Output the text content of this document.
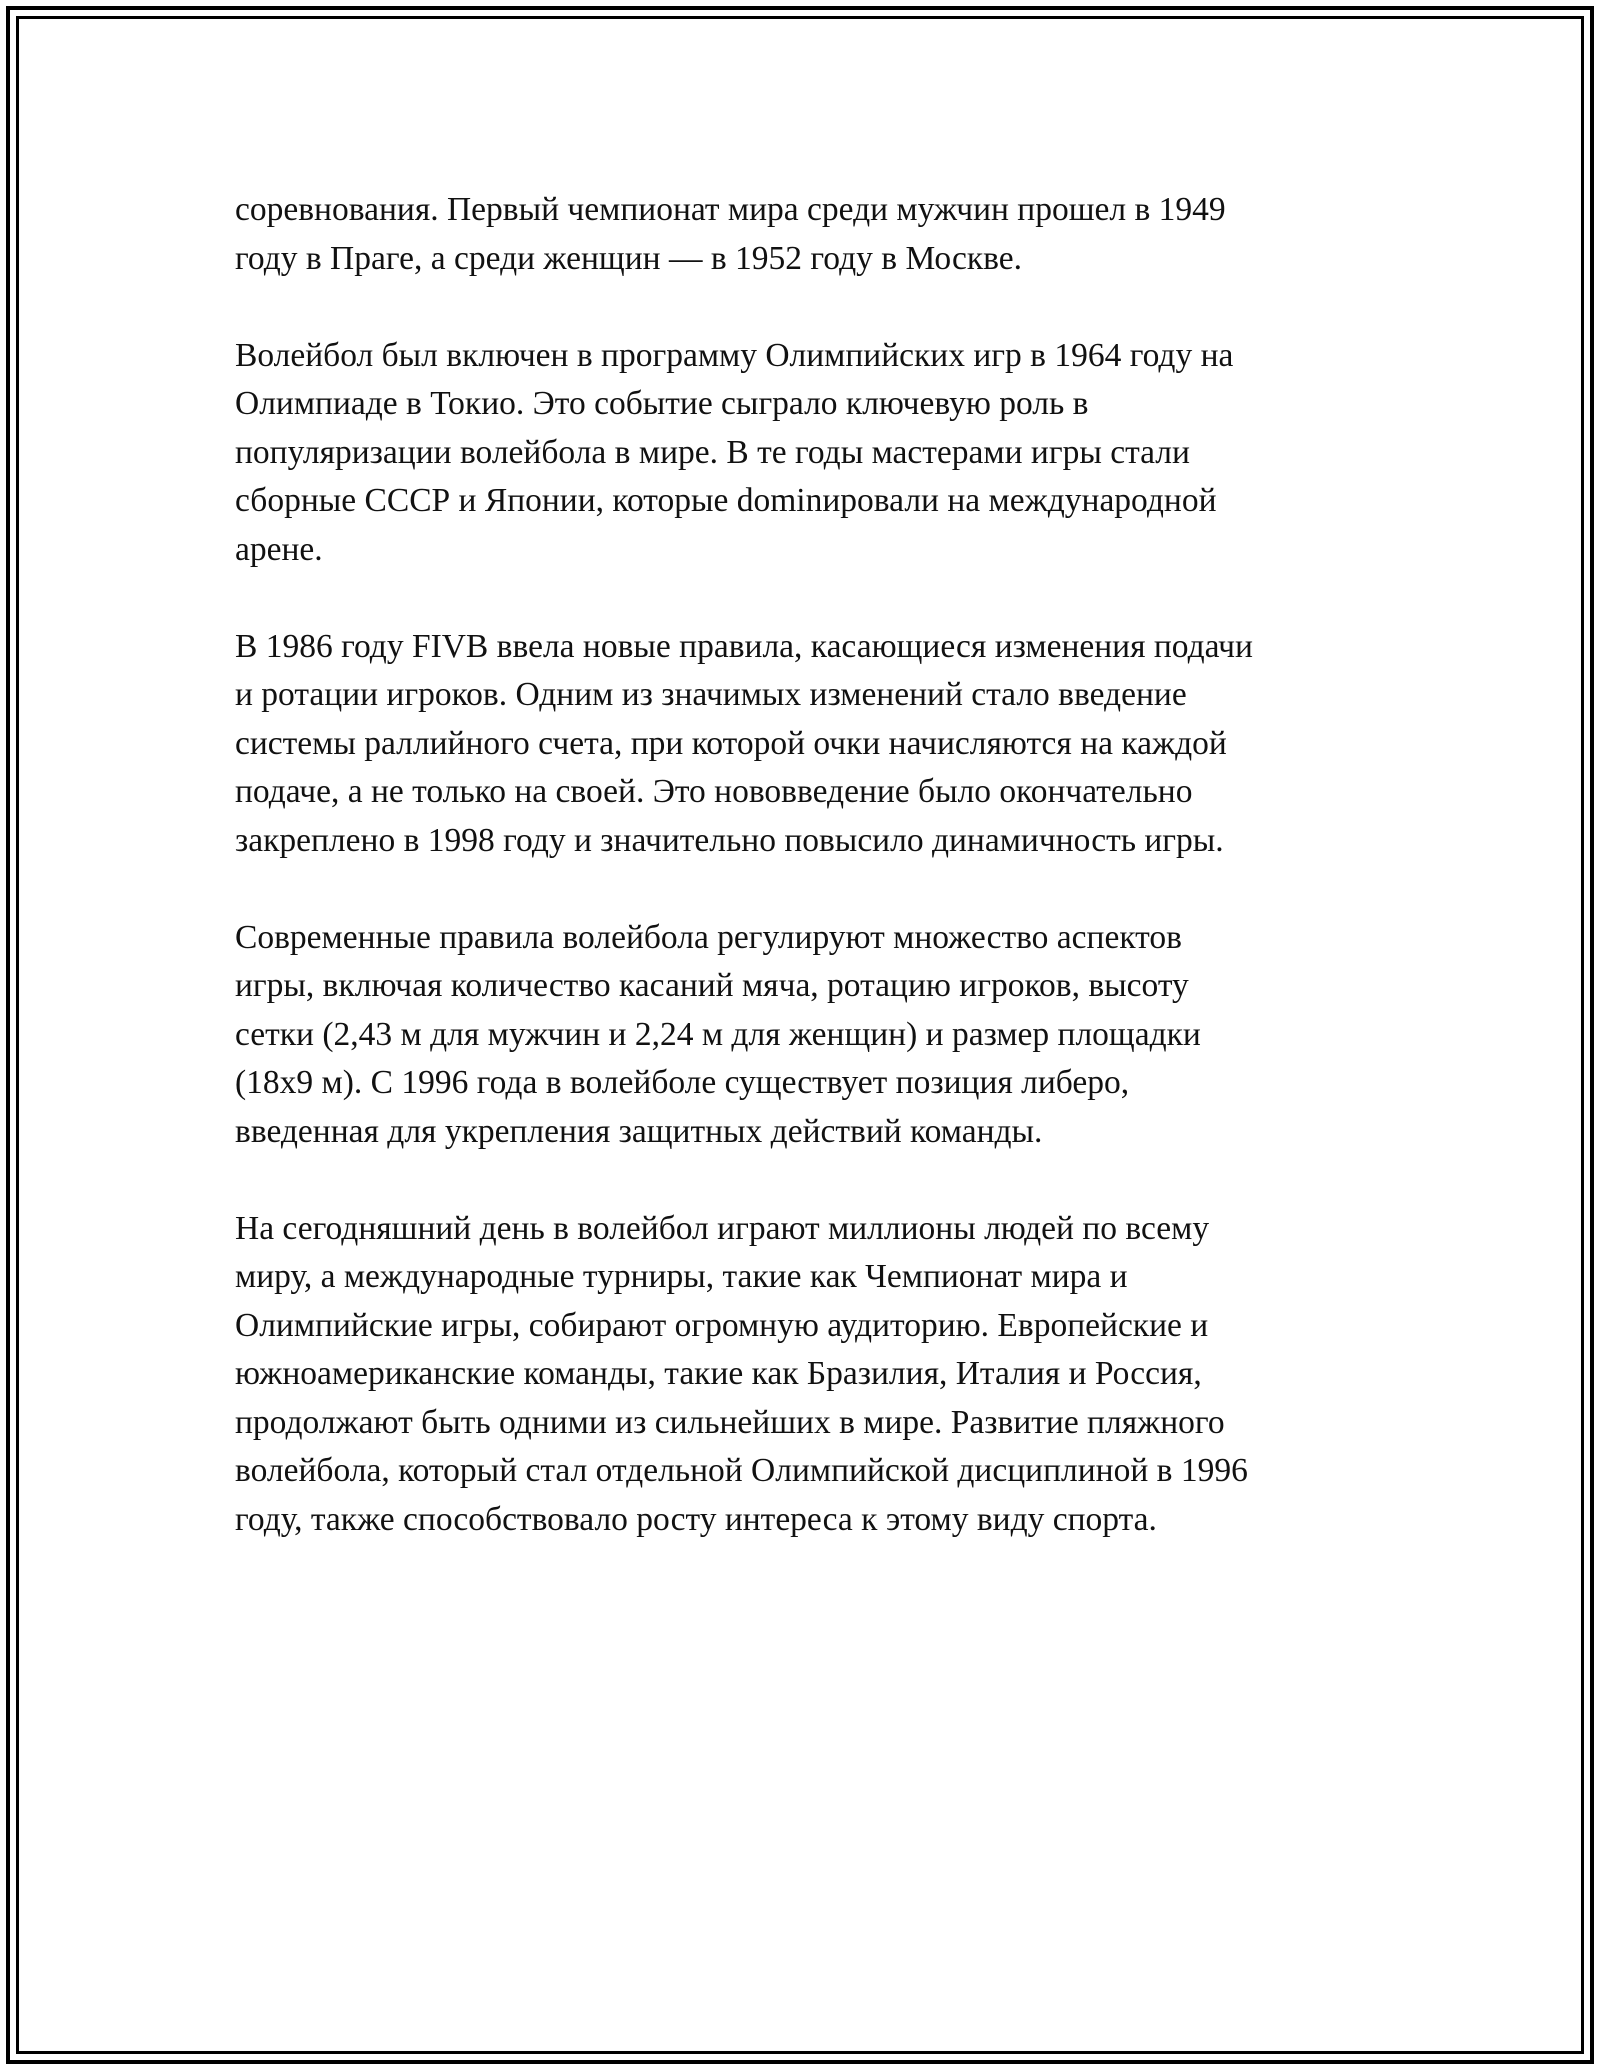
соревнования. Первый чемпионат мира среди мужчин прошел в 1949
году в Праге, а среди женщин — в 1952 году в Москве.

Волейбол был включен в программу Олимпийских игр в 1964 году на
Олимпиаде в Токио. Это событие сыграло ключевую роль в
популяризации волейбола в мире. В те годы мастерами игры стали
сборные СССР и Японии, которые dominировали на международной
арене.

В 1986 году FIVB ввела новые правила, касающиеся изменения подачи
и ротации игроков. Одним из значимых изменений стало введение
системы раллийного счета, при которой очки начисляются на каждой
подаче, а не только на своей. Это нововведение было окончательно
закреплено в 1998 году и значительно повысило динамичность игры.

Современные правила волейбола регулируют множество аспектов
игры, включая количество касаний мяча, ротацию игроков, высоту
сетки (2,43 м для мужчин и 2,24 м для женщин) и размер площадки
(18x9 м). С 1996 года в волейболе существует позиция либеро,
введенная для укрепления защитных действий команды.

На сегодняшний день в волейбол играют миллионы людей по всему
миру, а международные турниры, такие как Чемпионат мира и
Олимпийские игры, собирают огромную аудиторию. Европейские и
южноамериканские команды, такие как Бразилия, Италия и Россия,
продолжают быть одними из сильнейших в мире. Развитие пляжного
волейбола, который стал отдельной Олимпийской дисциплиной в 1996
году, также способствовало росту интереса к этому виду спорта.
